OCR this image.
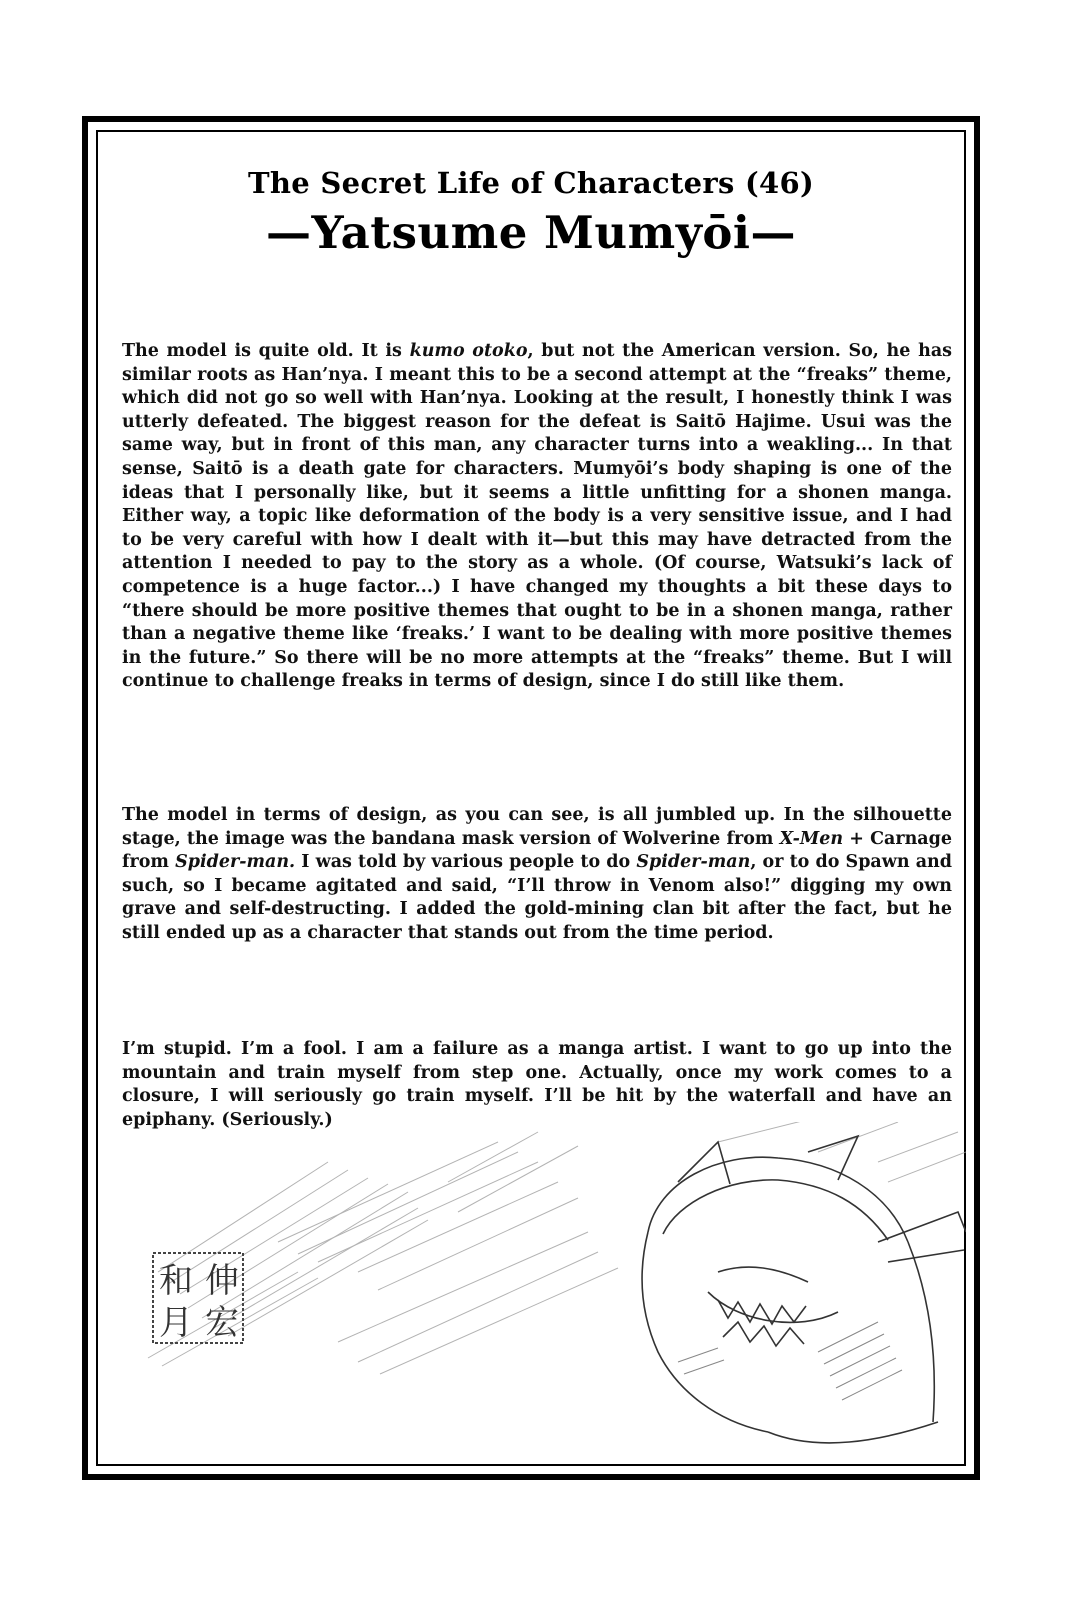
The Secret Life of Characters (46)
—Yatsume Mumyōi—

The model is quite old. It is kumo otoko, but not the American version. So, he has similar roots as Han’nya. I meant this to be a second attempt at the “freaks” theme, which did not go so well with Han’nya. Looking at the result, I honestly think I was utterly defeated. The biggest reason for the defeat is Saitō Hajime. Usui was the same way, but in front of this man, any character turns into a weakling... In that sense, Saitō is a death gate for characters. Mumyōi’s body shaping is one of the ideas that I personally like, but it seems a little unfitting for a shonen manga. Either way, a topic like deformation of the body is a very sensitive issue, and I had to be very careful with how I dealt with it—but this may have detracted from the attention I needed to pay to the story as a whole. (Of course, Watsuki’s lack of competence is a huge factor...) I have changed my thoughts a bit these days to “there should be more positive themes that ought to be in a shonen manga, rather than a negative theme like ‘freaks.’ I want to be dealing with more positive themes in the future.” So there will be no more attempts at the “freaks” theme. But I will continue to challenge freaks in terms of design, since I do still like them.

The model in terms of design, as you can see, is all jumbled up. In the silhouette stage, the image was the bandana mask version of Wolverine from X-Men + Carnage from Spider-man. I was told by various people to do Spider-man, or to do Spawn and such, so I became agitated and said, “I’ll throw in Venom also!” digging my own grave and self-destructing. I added the gold-mining clan bit after the fact, but he still ended up as a character that stands out from the time period.

I’m stupid. I’m a fool. I am a failure as a manga artist. I want to go up into the mountain and train myself from step one. Actually, once my work comes to a closure, I will seriously go train myself. I’ll be hit by the waterfall and have an epiphany. (Seriously.)

伸
宏
和
月
